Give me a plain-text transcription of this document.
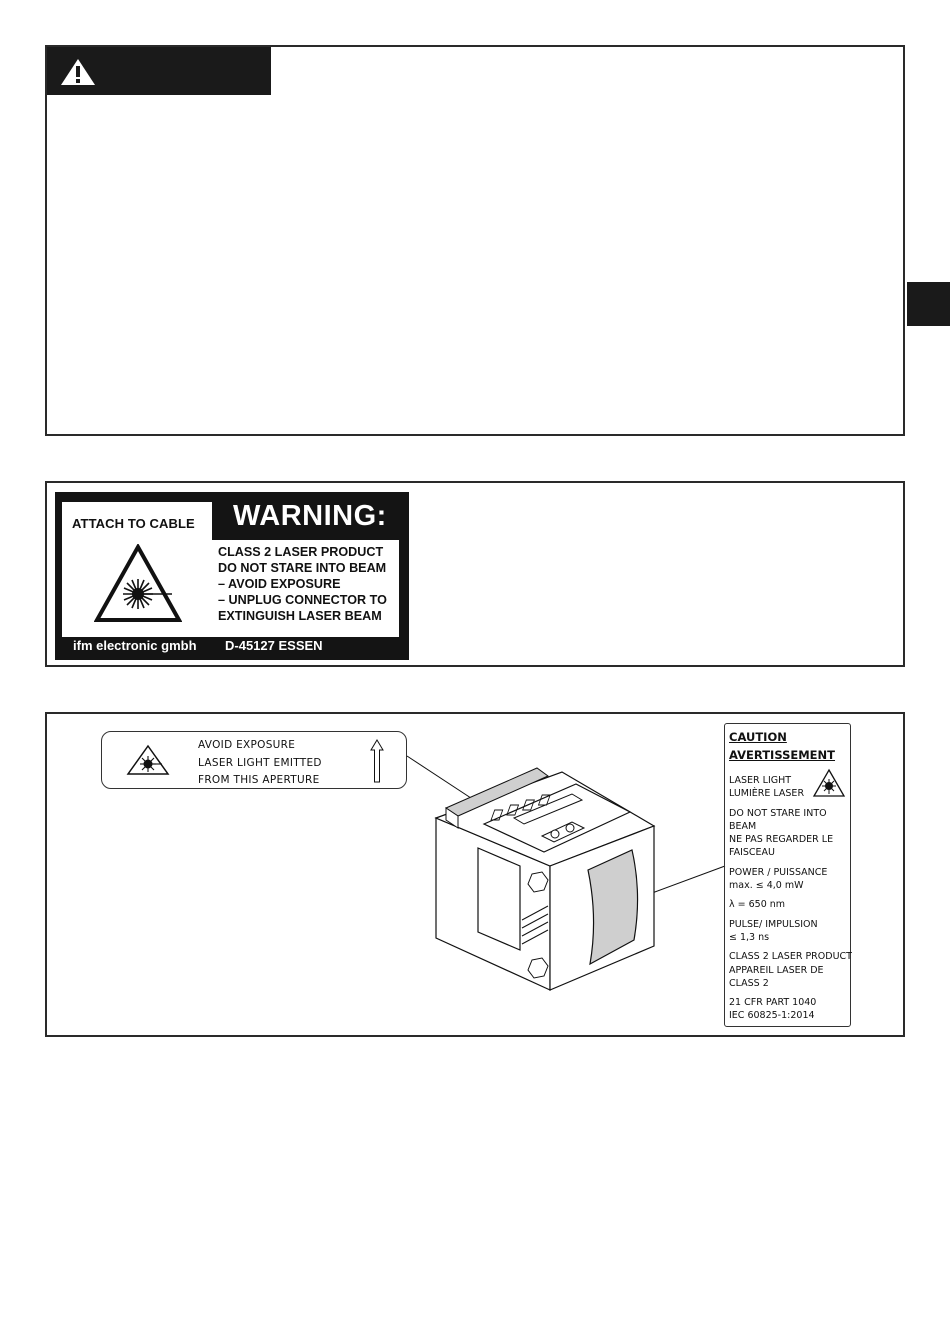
ATTACH TO CABLE WARNING:
CLASS 2 LASER PRODUCT
DO NOT STARE INTO BEAM
– AVOID EXPOSURE
– UNPLUG CONNECTOR TO
EXTINGUISH LASER BEAM
ifm electronic gmbh D-45127 ESSEN
AVOID EXPOSURE
LASER LIGHT EMITTED
FROM THIS APERTURE
CAUTION
AVERTISSEMENT
LASER LIGHT
LUMIÈRE LASER
DO NOT STARE INTO
BEAM
NE PAS REGARDER LE
FAISCEAU
POWER / PUISSANCE
max. ≤ 4,0 mW
λ = 650 nm
PULSE/ IMPULSION
≤ 1,3 ns
CLASS 2 LASER PRODUCT
APPAREIL LASER DE
CLASS 2
21 CFR PART 1040
IEC 60825-1:2014
